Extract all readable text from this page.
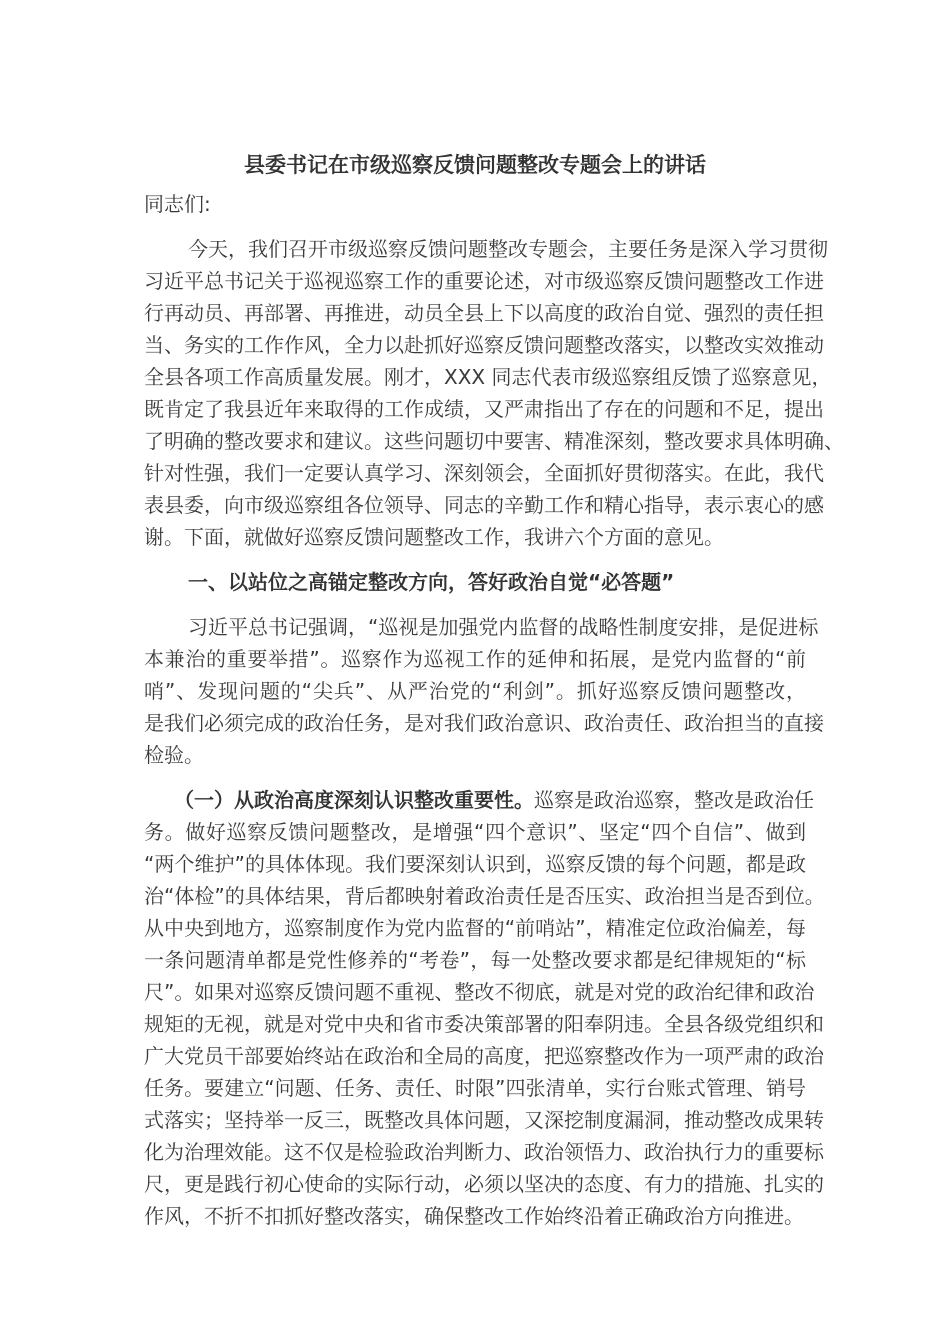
县委书记在市级巡察反馈问题整改专题会上的讲话
同志们:
今天，我们召开市级巡察反馈问题整改专题会，主要任务是深入学习贯彻
习近平总书记关于巡视巡察工作的重要论述，对市级巡察反馈问题整改工作进
行再动员、再部署、再推进，动员全县上下以高度的政治自觉、强烈的责任担
当、务实的工作作风，全力以赴抓好巡察反馈问题整改落实，以整改实效推动
全县各项工作高质量发展。刚才，XXX 同志代表市级巡察组反馈了巡察意见，
既肯定了我县近年来取得的工作成绩，又严肃指出了存在的问题和不足，提出
了明确的整改要求和建议。这些问题切中要害、精准深刻，整改要求具体明确、
针对性强，我们一定要认真学习、深刻领会，全面抓好贯彻落实。在此，我代
表县委，向市级巡察组各位领导、同志的辛勤工作和精心指导，表示衷心的感
谢。下面，就做好巡察反馈问题整改工作，我讲六个方面的意见。
一、以站位之高锚定整改方向，答好政治自觉“必答题”
习近平总书记强调，“巡视是加强党内监督的战略性制度安排，是促进标
本兼治的重要举措”。巡察作为巡视工作的延伸和拓展，是党内监督的“前
哨”、发现问题的“尖兵”、从严治党的“利剑”。抓好巡察反馈问题整改，
是我们必须完成的政治任务，是对我们政治意识、政治责任、政治担当的直接
检验。
（一）从政治高度深刻认识整改重要性。巡察是政治巡察，整改是政治任
务。做好巡察反馈问题整改，是增强“四个意识”、坚定“四个自信”、做到
“两个维护”的具体体现。我们要深刻认识到，巡察反馈的每个问题，都是政
治“体检”的具体结果，背后都映射着政治责任是否压实、政治担当是否到位。
从中央到地方，巡察制度作为党内监督的“前哨站”，精准定位政治偏差，每
一条问题清单都是党性修养的“考卷”，每一处整改要求都是纪律规矩的“标
尺”。如果对巡察反馈问题不重视、整改不彻底，就是对党的政治纪律和政治
规矩的无视，就是对党中央和省市委决策部署的阳奉阴违。全县各级党组织和
广大党员干部要始终站在政治和全局的高度，把巡察整改作为一项严肃的政治
任务。要建立“问题、任务、责任、时限”四张清单，实行台账式管理、销号
式落实；坚持举一反三，既整改具体问题，又深挖制度漏洞，推动整改成果转
化为治理效能。这不仅是检验政治判断力、政治领悟力、政治执行力的重要标
尺，更是践行初心使命的实际行动，必须以坚决的态度、有力的措施、扎实的
作风，不折不扣抓好整改落实，确保整改工作始终沿着正确政治方向推进。
